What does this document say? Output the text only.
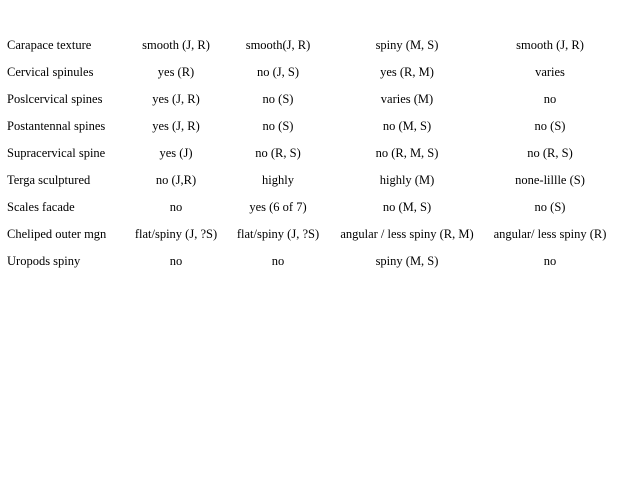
Carapace texture	smooth (J, R)	smooth(J, R)	spiny (M, S)	smooth (J, R)
Cervical spinules	yes (R)	no (J, S)	yes (R, M)	varies
Poslcervical spines	yes (J, R)	no (S)	varies (M)	no
Postantennal spines	yes (J, R)	no (S)	no (M, S)	no (S)
Supracervical spine	yes (J)	no (R, S)	no (R, M, S)	no (R, S)
Terga sculptured	no (J,R)	highly	highly (M)	none-lillle (S)
Scales facade	no	yes (6 of 7)	no (M, S)	no (S)
Cheliped outer mgn	flat/spiny (J, ?S)	flat/spiny (J, ?S)	angular / less spiny (R, M)	angular/ less spiny (R)
Uropods spiny	no	no	spiny (M, S)	no
